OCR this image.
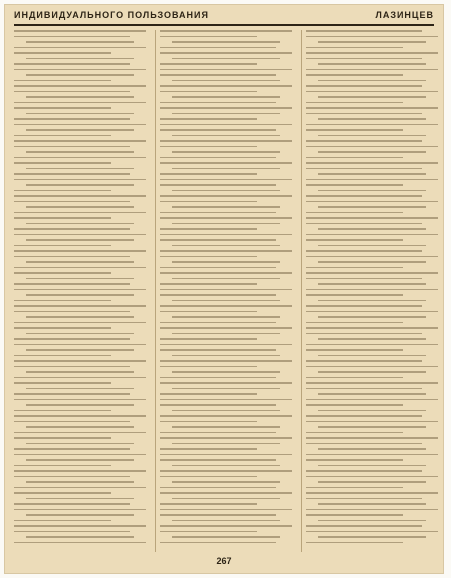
ИНДИВИДУАЛЬНОГО ПОЛЬЗОВАНИЯ	ЛАЗИНЦЕВ
267
